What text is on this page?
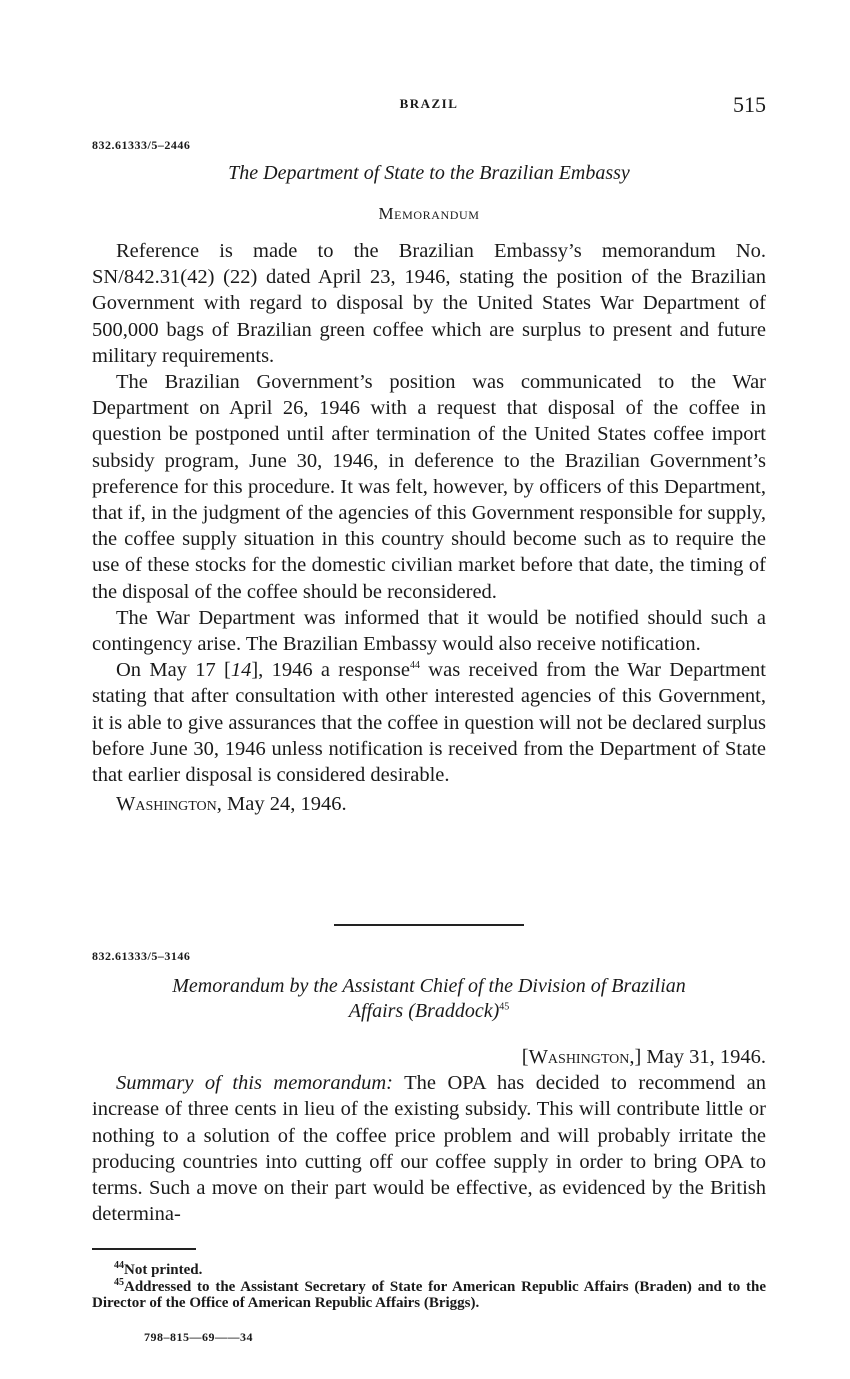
BRAZIL	515
832.61333/5–2446
The Department of State to the Brazilian Embassy
Memorandum

Reference is made to the Brazilian Embassy’s memorandum No. SN/842.31(42) (22) dated April 23, 1946, stating the position of the Brazilian Government with regard to disposal by the United States War Department of 500,000 bags of Brazilian green coffee which are surplus to present and future military requirements.

The Brazilian Government’s position was communicated to the War Department on April 26, 1946 with a request that disposal of the coffee in question be postponed until after termination of the United States coffee import subsidy program, June 30, 1946, in deference to the Brazilian Government’s preference for this procedure. It was felt, however, by officers of this Department, that if, in the judgment of the agencies of this Government responsible for supply, the coffee supply situation in this country should become such as to require the use of these stocks for the domestic civilian market before that date, the timing of the disposal of the coffee should be reconsidered.

The War Department was informed that it would be notified should such a contingency arise. The Brazilian Embassy would also receive notification.

On May 17 [14], 1946 a response$^{44}$ was received from the War Department stating that after consultation with other interested agencies of this Government, it is able to give assurances that the coffee in question will not be declared surplus before June 30, 1946 unless notification is received from the Department of State that earlier disposal is considered desirable.

Washington, May 24, 1946.

832.61333/5–3146
Memorandum by the Assistant Chief of the Division of Brazilian
Affairs (Braddock)$^{45}$
[Washington,] May 31, 1946.

Summary of this memorandum: The OPA has decided to recommend an increase of three cents in lieu of the existing subsidy. This will contribute little or nothing to a solution of the coffee price problem and will probably irritate the producing countries into cutting off our coffee supply in order to bring OPA to terms. Such a move on their part would be effective, as evidenced by the British determina-

$^{44}$Not printed.
$^{45}$Addressed to the Assistant Secretary of State for American Republic Affairs (Braden) and to the Director of the Office of American Republic Affairs (Briggs).
798–815—69——34
